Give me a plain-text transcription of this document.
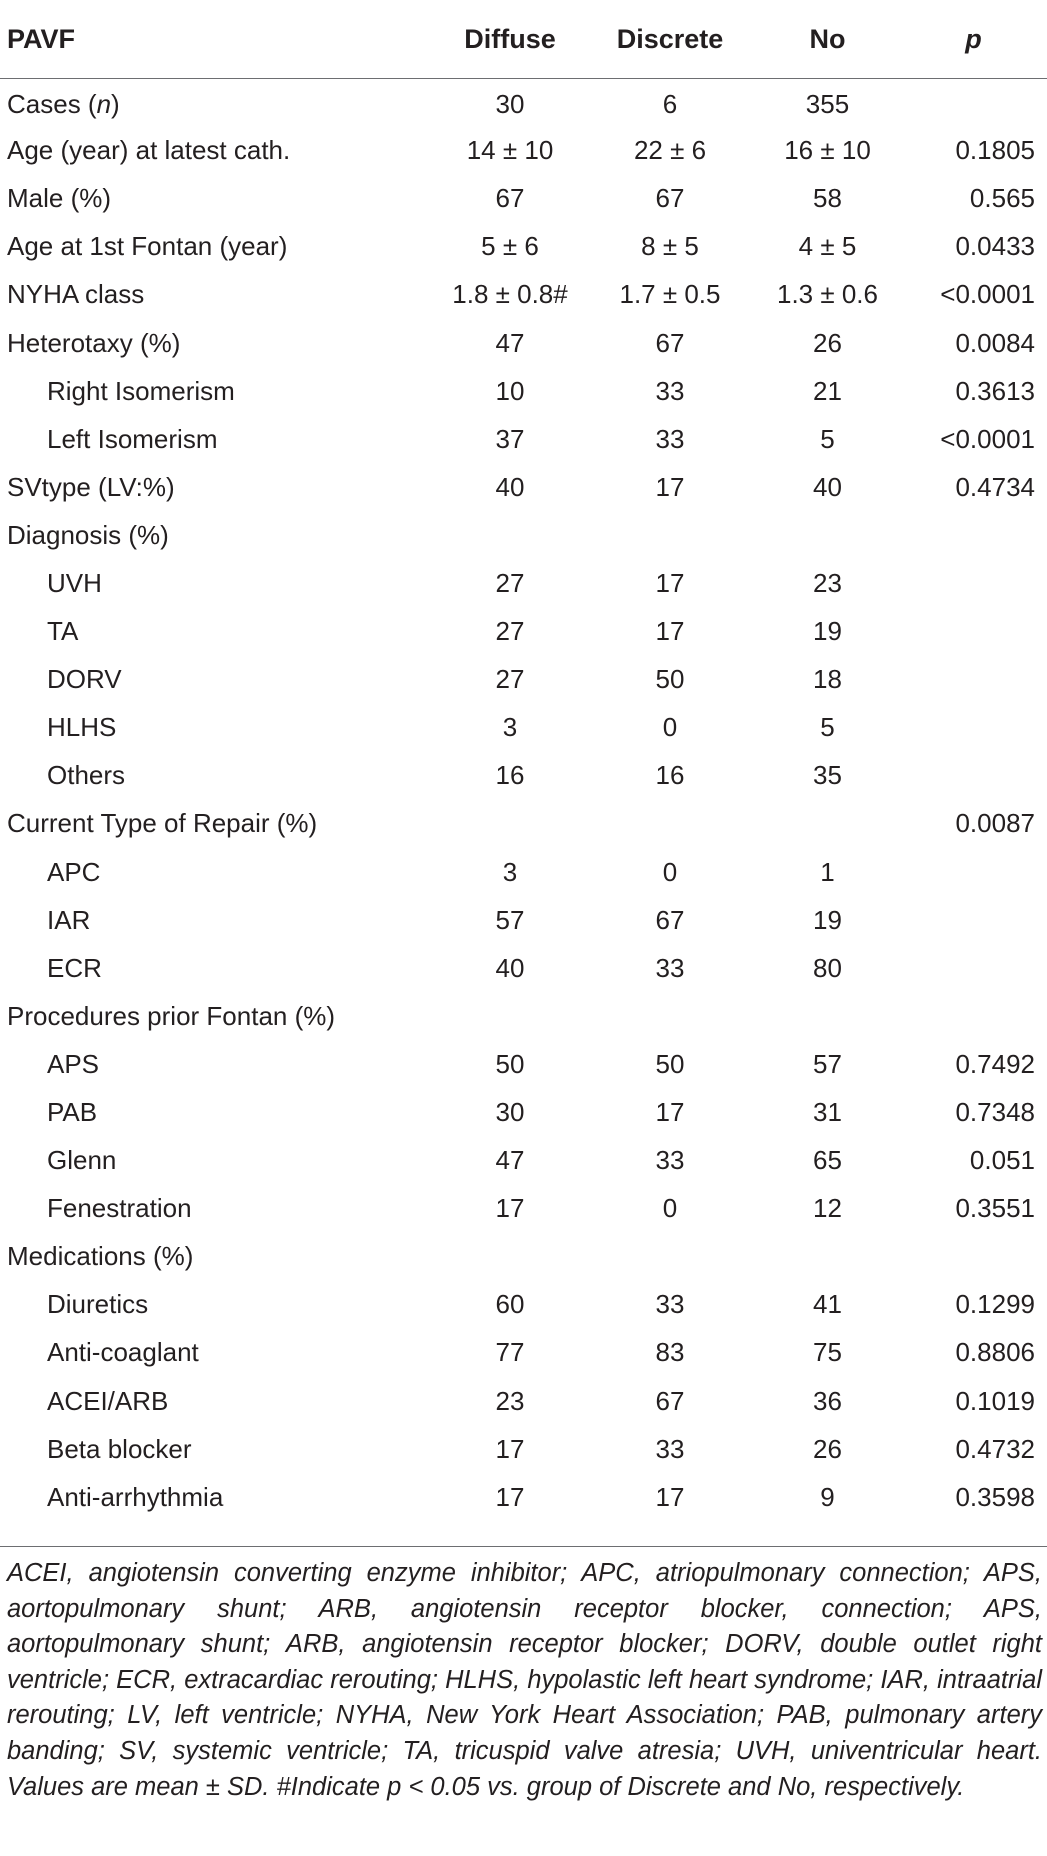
PAVF	Diffuse	Discrete	No	p
Cases (n)	30	6	355	
Age (year) at latest cath.	14 ± 10	22 ± 6	16 ± 10	0.1805
Male (%)	67	67	58	0.565
Age at 1st Fontan (year)	5 ± 6	8 ± 5	4 ± 5	0.0433
NYHA class	1.8 ± 0.8#	1.7 ± 0.5	1.3 ± 0.6	<0.0001
Heterotaxy (%)	47	67	26	0.0084
Right Isomerism	10	33	21	0.3613
Left Isomerism	37	33	5	<0.0001
SVtype (LV:%)	40	17	40	0.4734
Diagnosis (%)				
UVH	27	17	23	
TA	27	17	19	
DORV	27	50	18	
HLHS	3	0	5	
Others	16	16	35	
Current Type of Repair (%)				0.0087
APC	3	0	1	
IAR	57	67	19	
ECR	40	33	80	
Procedures prior Fontan (%)				
APS	50	50	57	0.7492
PAB	30	17	31	0.7348
Glenn	47	33	65	0.051
Fenestration	17	0	12	0.3551
Medications (%)				
Diuretics	60	33	41	0.1299
Anti-coaglant	77	83	75	0.8806
ACEI/ARB	23	67	36	0.1019
Beta blocker	17	33	26	0.4732
Anti-arrhythmia	17	17	9	0.3598
ACEI, angiotensin converting enzyme inhibitor; APC, atriopulmonary connection; APS, aortopulmonary shunt; ARB, angiotensin receptor blocker, connection; APS, aortopulmonary shunt; ARB, angiotensin receptor blocker; DORV, double outlet right ventricle; ECR, extracardiac rerouting; HLHS, hypolastic left heart syndrome; IAR, intraatrial rerouting; LV, left ventricle; NYHA, New York Heart Association; PAB, pulmonary artery banding; SV, systemic ventricle; TA, tricuspid valve atresia; UVH, univentricular heart. Values are mean ± SD. #Indicate p < 0.05 vs. group of Discrete and No, respectively.
